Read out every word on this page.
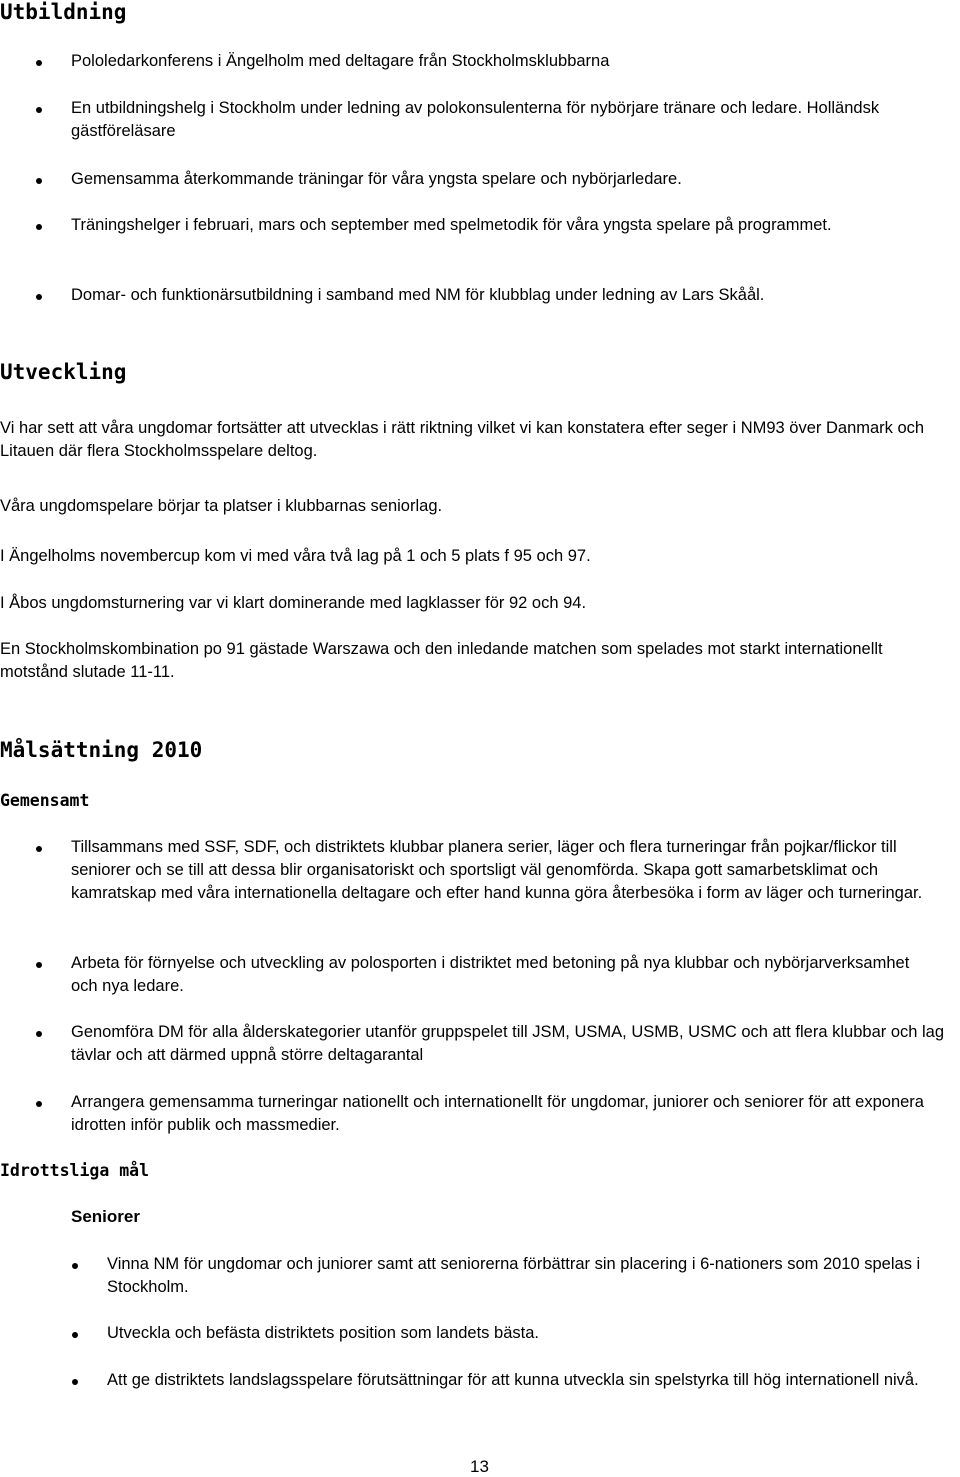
Utbildning
Pololedarkonferens i Ängelholm med deltagare från Stockholmsklubbarna
En utbildningshelg i Stockholm under ledning av polokonsulenterna för nybörjare tränare och ledare. Holländsk gästföreläsare
Gemensamma återkommande träningar för våra yngsta spelare och nybörjarledare.
Träningshelger i februari, mars och september med spelmetodik för våra yngsta spelare på programmet.
Domar- och funktionärsutbildning i samband med NM för klubblag under ledning av Lars Skåål.
Utveckling
Vi har sett att våra ungdomar fortsätter att utvecklas i rätt riktning vilket vi kan konstatera efter seger i NM93 över Danmark och Litauen där flera Stockholmsspelare deltog.
Våra ungdomspelare börjar ta platser i klubbarnas seniorlag.
I Ängelholms novembercup kom vi med våra två lag på 1 och 5 plats f 95 och 97.
I Åbos ungdomsturnering var vi klart dominerande med lagklasser för 92 och 94.
En Stockholmskombination po 91 gästade Warszawa och den inledande matchen som spelades mot starkt internationellt motstånd slutade 11-11.
Målsättning 2010
Gemensamt
Tillsammans med SSF, SDF, och distriktets klubbar planera serier, läger och flera turneringar från pojkar/flickor till seniorer och se till att dessa blir organisatoriskt och sportsligt väl genomförda. Skapa gott samarbetsklimat och kamratskap med våra internationella deltagare och efter hand kunna göra återbesöka i form av läger och turneringar.
Arbeta för förnyelse och utveckling av polosporten i distriktet med betoning på nya klubbar och nybörjarverksamhet och nya ledare.
Genomföra DM för alla ålderskategorier utanför gruppspelet till JSM, USMA, USMB, USMC och att flera klubbar och lag tävlar och att därmed uppnå större deltagarantal
Arrangera gemensamma turneringar nationellt och internationellt för ungdomar, juniorer och seniorer för att exponera idrotten inför publik och massmedier.
Idrottsliga mål
Seniorer
Vinna NM för ungdomar och juniorer samt att seniorerna förbättrar sin placering i 6-nationers som 2010 spelas i Stockholm.
Utveckla och befästa distriktets position som landets bästa.
Att ge distriktets landslagsspelare förutsättningar för att kunna utveckla sin spelstyrka till hög internationell nivå.
13
